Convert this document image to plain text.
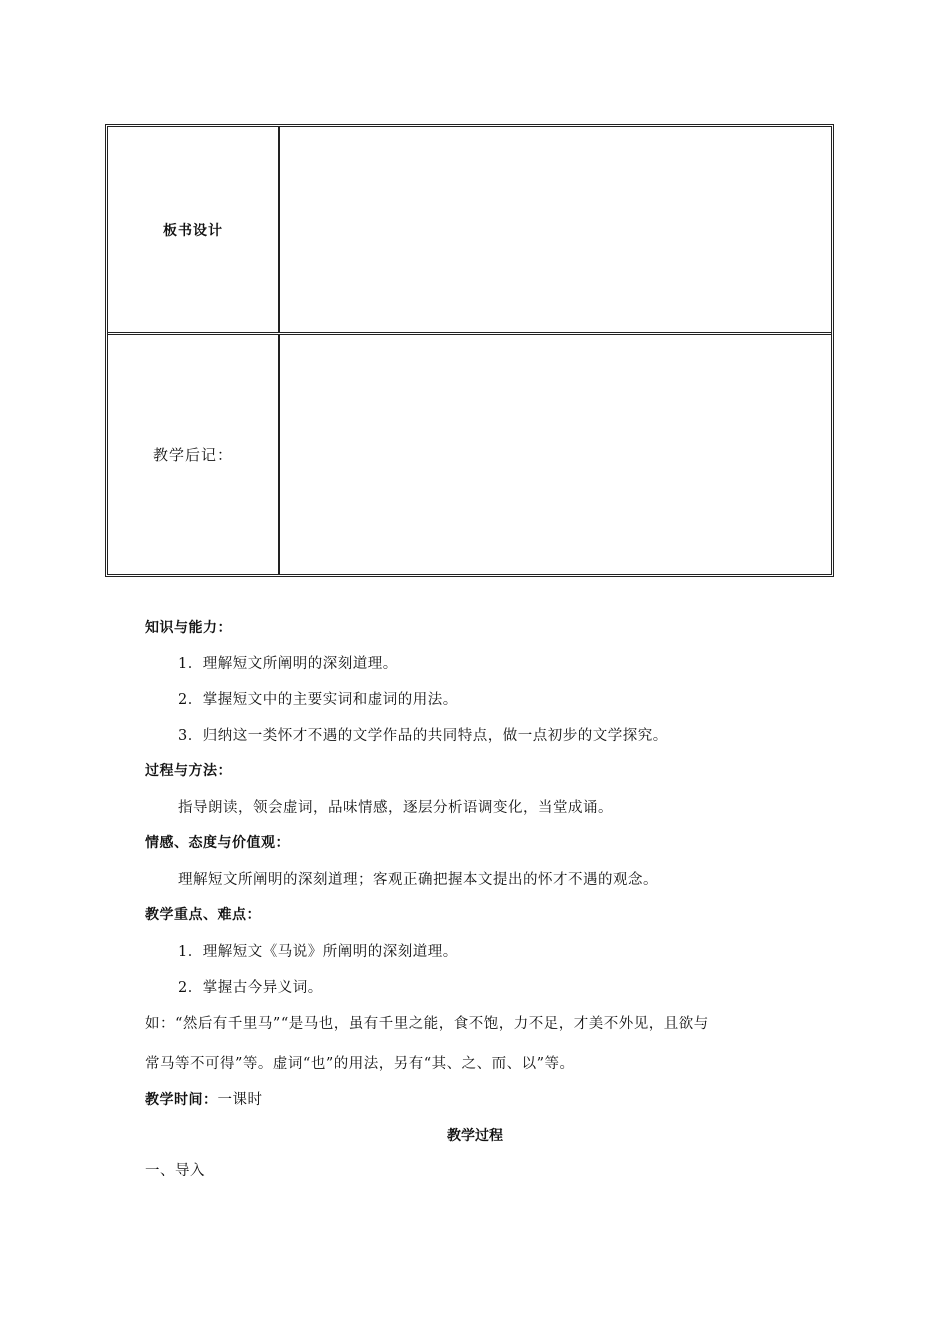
板书设计
教学后记：
知识与能力：
1．理解短文所阐明的深刻道理。
2．掌握短文中的主要实词和虚词的用法。
3．归纳这一类怀才不遇的文学作品的共同特点，做一点初步的文学探究。
过程与方法：
指导朗读，领会虚词，品味情感，逐层分析语调变化，当堂成诵。
情感、态度与价值观：
理解短文所阐明的深刻道理；客观正确把握本文提出的怀才不遇的观念。
教学重点、难点：
1．理解短文《马说》所阐明的深刻道理。
2．掌握古今异义词。
如：“然后有千里马”“是马也，虽有千里之能，食不饱，力不足，才美不外见，且欲与
常马等不可得”等。虚词“也”的用法，另有“其、之、而、以”等。
教学时间：一课时
教学过程
一、导入
